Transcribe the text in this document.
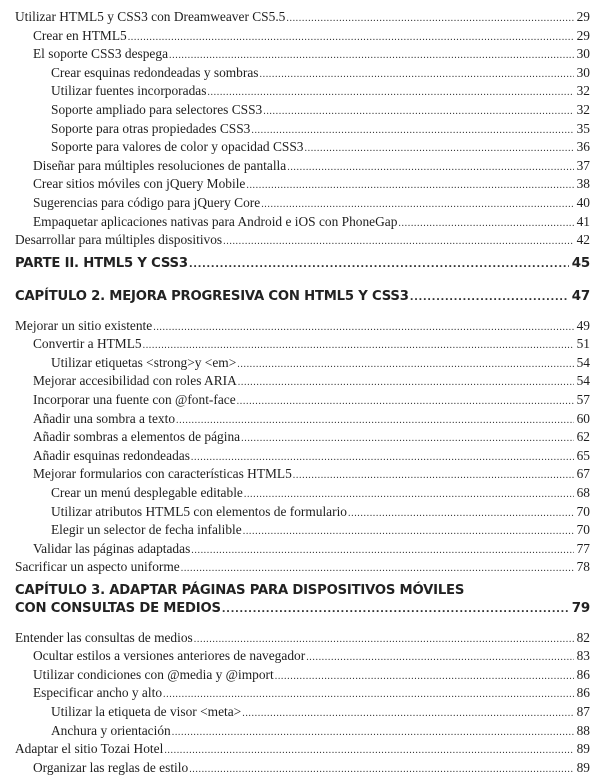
Utilizar HTML5 y CSS3 con Dreamweaver CS5.5 .....	29
Crear en HTML5 .....	29
El soporte CSS3 despega .....	30
Crear esquinas redondeadas y sombras .....	30
Utilizar fuentes incorporadas .....	32
Soporte ampliado para selectores CSS3 .....	32
Soporte para otras propiedades CSS3 .....	35
Soporte para valores de color y opacidad CSS3 .....	36
Diseñar para múltiples resoluciones de pantalla .....	37
Crear sitios móviles con jQuery Mobile .....	38
Sugerencias para código para jQuery Core .....	40
Empaquetar aplicaciones nativas para Android e iOS con PhoneGap .....	41
Desarrollar para múltiples dispositivos .....	42
PARTE II. HTML5 Y CSS3 .....	45
CAPÍTULO 2. MEJORA PROGRESIVA CON HTML5 Y CSS3 .....	47
Mejorar un sitio existente .....	49
Convertir a HTML5 .....	51
Utilizar etiquetas <strong>y <em> .....	54
Mejorar accesibilidad con roles ARIA .....	54
Incorporar una fuente con @font-face .....	57
Añadir una sombra a texto .....	60
Añadir sombras a elementos de página .....	62
Añadir esquinas redondeadas .....	65
Mejorar formularios con características HTML5 .....	67
Crear un menú desplegable editable .....	68
Utilizar atributos HTML5 con elementos de formulario .....	70
Elegir un selector de fecha infalible .....	70
Validar las páginas adaptadas .....	77
Sacrificar un aspecto uniforme .....	78
CAPÍTULO 3. ADAPTAR PÁGINAS PARA DISPOSITIVOS MÓVILES
CON CONSULTAS DE MEDIOS .....	79
Entender las consultas de medios .....	82
Ocultar estilos a versiones anteriores de navegador .....	83
Utilizar condiciones con @media y @import .....	86
Especificar ancho y alto .....	86
Utilizar la etiqueta de visor <meta> .....	87
Anchura y orientación .....	88
Adaptar el sitio Tozai Hotel .....	89
Organizar las reglas de estilo .....	89
